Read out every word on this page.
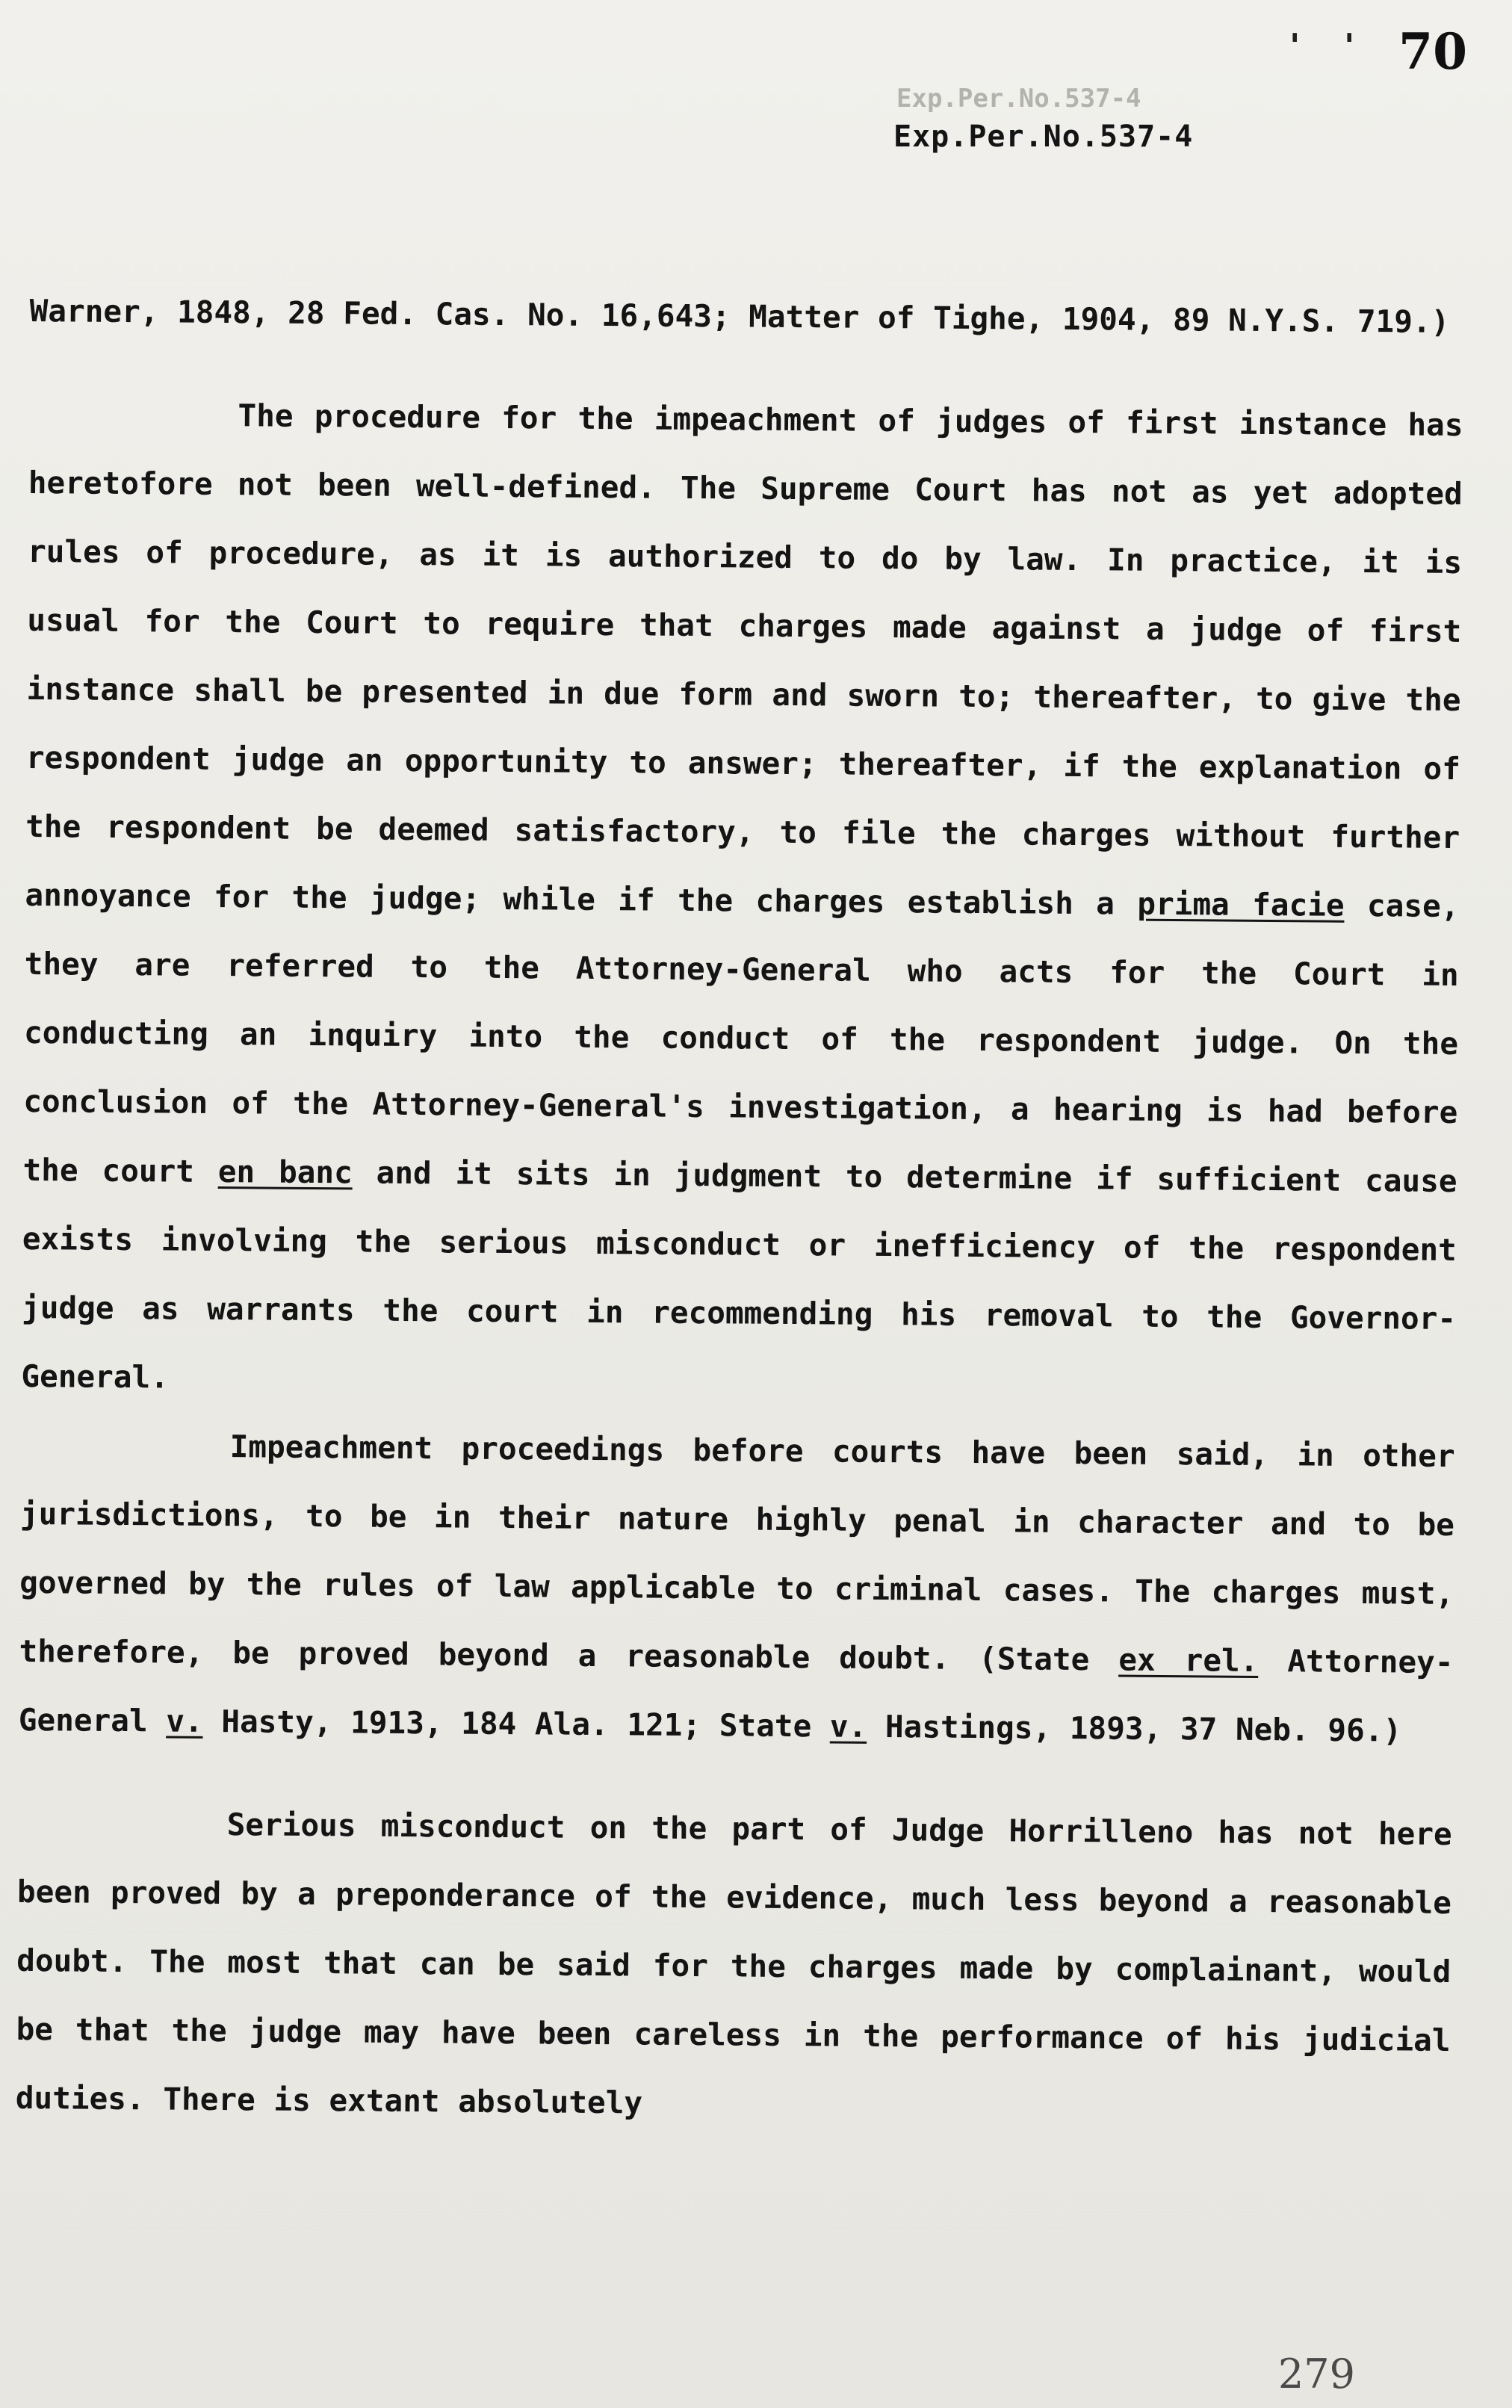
' ' 70
Exp.Per.No.537-4
Exp.Per.No.537-4

Warner, 1848, 28 Fed. Cas. No. 16,643; Matter of Tighe, 1904, 89 N.Y.S. 719.)

The procedure for the impeachment of judges of first instance has heretofore not been well-defined. The Supreme Court has not as yet adopted rules of procedure, as it is authorized to do by law. In practice, it is usual for the Court to require that charges made against a judge of first instance shall be presented in due form and sworn to; thereafter, to give the respondent judge an opportunity to answer; thereafter, if the explanation of the respondent be deemed satisfactory, to file the charges without further annoyance for the judge; while if the charges establish a prima facie case, they are referred to the Attorney-General who acts for the Court in conducting an inquiry into the conduct of the respondent judge. On the conclusion of the Attorney-General's investigation, a hearing is had before the court en banc and it sits in judgment to determine if sufficient cause exists involving the serious misconduct or inefficiency of the respondent judge as warrants the court in recommending his removal to the Governor-General.

Impeachment proceedings before courts have been said, in other jurisdictions, to be in their nature highly penal in character and to be governed by the rules of law applicable to criminal cases. The charges must, therefore, be proved beyond a reasonable doubt. (State ex rel. Attorney-General v. Hasty, 1913, 184 Ala. 121; State v. Hastings, 1893, 37 Neb. 96.)

Serious misconduct on the part of Judge Horrilleno has not here been proved by a preponderance of the evidence, much less beyond a reasonable doubt. The most that can be said for the charges made by complainant, would be that the judge may have been careless in the performance of his judicial duties. There is extant absolutely

279
